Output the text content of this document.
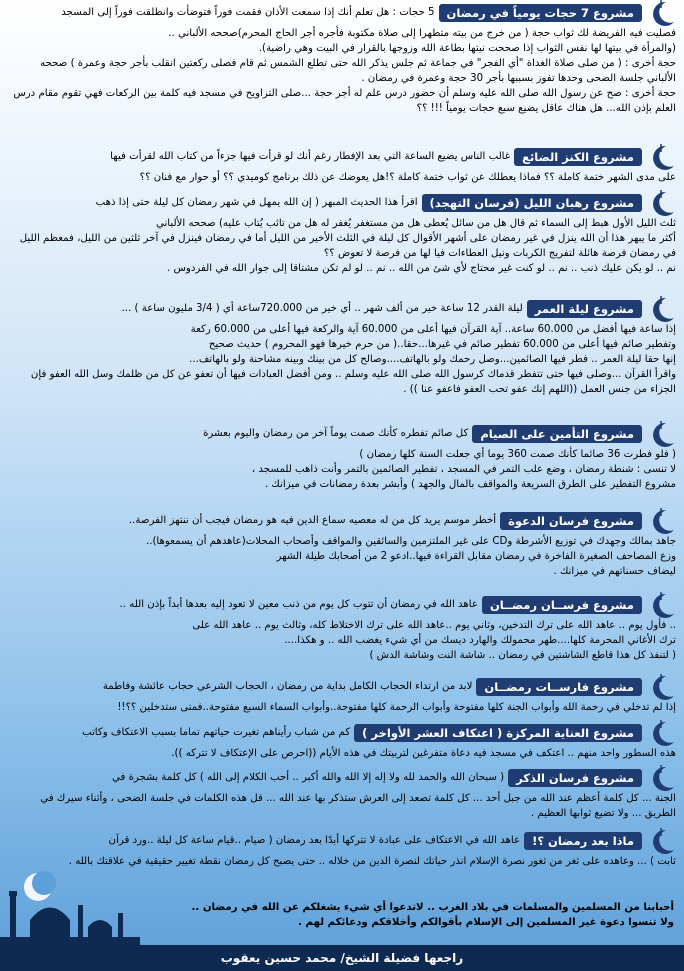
مشروع 7 حجات يومياً في رمضان
5 حجات : هل تعلم أنك إذا سمعت الأذان فقمت فوراً فتوضأت وانطلقت فوراً إلى المسجد

فصليت فيه الفريضة لك ثواب حجة ( من خرج من بيته متطهرا إلى صلاة مكتوبة فأجره أجر الحاج المحرم)صححه الألباني ..

(والمرأة في بيتها لها نفس الثواب إذا صححت نيتها بطاعة الله وزوجها بالقرار في البيت وهي راضية).

حجة أخرى : ( من صلى صلاة الغداة "أي الفجر" في جماعة ثم جلس يذكر الله حتى تطلع الشمس ثم قام فصلى ركعتين انقلب بأجر حجة وعمرة ) صححه الألباني جلسة الضحى وحدها تفوز بسببها بأجر 30 حجة وعمرة في رمضان .

حجة أخرى : صح عن رسول الله صلى الله عليه وسلم أن حضور درس علم له أجر حجة ...صلى التراويح في مسجد فيه كلمة بين الركعات فهي تقوم مقام درس العلم بإذن الله... هل هناك عاقل يضيع سبع حجات يومياً !!! ؟؟

مشروع الكنز الضائع
غالب الناس يضيع الساعة التي بعد الإفطار رغم أنك لو قرأت فيها جزءاً من كتاب الله لقرأت فيها

على مدى الشهر ختمة كاملة ؟؟ فماذا يعطلك عن ثواب ختمة كاملة ؟!هل يعوضك عن ذلك برنامج كوميدي ؟؟ أو حوار مع فنان ؟؟

مشروع رهبان الليل (فرسان التهجد)
اقرأ هذا الحديث المبهر ( إن الله يمهل في شهر رمضان كل ليلة حتى إذا ذهب

ثلث الليل الأول هبط إلى السماء ثم قال هل من سائل يُعطى هل من مستغفر يُغفر له هل من تائب يُتاب عليه) صححه الألباني

أكثر ما يبهر هذا أن الله ينزل في غير رمضان على أشهر الأقوال كل ليلة في الثلث الأخير من الليل أما في رمضان فينزل في آخر ثلثين من الليل، فمعظم الليل في رمضان فرصة هائلة لتفريج الكربات ونيل العطاءات فيا لها من فرصة لا تعوض ؟؟

نم .. لو يكن عليك ذنب .. نم .. لو كنت غير محتاج لأي شئ من الله .. نم .. لو لم تكن مشتاقا إلى جوار الله في الفردوس .

مشروع ليلة العمر
ليلة القدر 12 ساعة خير من ألف شهر .. أي خير من 720.000ساعة أي ( 3/4 مليون ساعة ) ...

إذا ساعة فيها أفضل من 60.000 ساعة.. آية القرآن فيها أعلى من 60.000 آية والركعة فيها أعلى من 60.000 ركعة

وتفطير صائم فيها أعلى من 60.000 تفطير صائم في غيرها...حقا..( من حرم خيرها فهو المحروم ) حديث صحيح

إنها حقا ليلة العمر .. فطر فيها الصائمين...وصل رحمك ولو بالهاتف....وصالح كل من بينك وبينه مشاحنة ولو بالهاتف...

واقرأ القرآن ...وصلى فيها حتى تتفطر قدماك كرسول الله صلى الله عليه وسلم .. ومن أفضل العبادات فيها أن تعفو عن كل من ظلمك وسل الله العفو فإن الجزاء من جنس العمل ((اللهم إنك عفو تحب العفو فاعفو عنا )) .

مشروع التأمين على الصيام
كل صائم تفطره كأنك صمت يوماً آخر من رمضان واليوم بعشرة

( فلو فطرت 36 صائما كأنك صمت 360 يوما أي جعلت السنة كلها رمضان )

لا تنسى : شنطة رمضان ، وضع علب التمر في المسجد ، تفطير الصائمين بالتمر وأنت ذاهب للمسجد ،

مشروع التفطير على الطرق السريعة والمواقف بالمال والجهد ) وأبشر بعدة رمضانات في ميزانك .

مشروع فرسان الدعوة
أخطر موسم يريد كل من له معصيه سماع الدين فيه هو رمضان فيجب أن ننتهز الفرصة..

جاهد بمالك وجهدك في توزيع الأشرطة وCD على غير الملتزمين والسائقين والمواقف وأصحاب المحلات(عاهدهم أن يسمعوها)..

وزع المصاحف الصغيرة الفاخرة في رمضان مقابل القراءة فيها..ادعو 2 من أصحابك طيلة الشهر

ليضاف حسناتهم في ميزانك .

مشروع فرســان رمضــان
عاهد الله في رمضان أن تتوب كل يوم من ذنب معين لا تعود إليه بعدها أبداً بإذن الله ..

.. فأول يوم .. عاهد الله على ترك التدخين، وثاني يوم ..عاهد الله على ترك الاختلاط كله، وثالث يوم .. عاهد الله على

ترك الأغاني المحرمة كلها....طهر محمولك والهارد ديسك من أي شيء يغضب الله .. و هكذا....

( لتنفذ كل هذا قاطع الشاشتين في رمضان .. شاشة النت وشاشة الدش )

مشروع فارســات رمضــان
لابد من ارتداء الحجاب الكامل بداية من رمضان ، الحجاب الشرعي حجاب عائشة وفاطمة

إذا لم تدخلي في رحمة الله وأبواب الجنة كلها مفتوحة وأبواب الرحمة كلها مفتوحة..وأبواب السماء السبع مفتوحة..فمتى ستدخلين ؟؟!!

مشروع العناية المركزة ( اعتكاف العشر الأواخر )
كم من شباب رأيناهم تغيرت حياتهم تماما بسبب الاعتكاف وكاتب

هذه السطور واحد منهم .. اعتكف في مسجد فيه دعاة متفرغين لتربيتك في هذه الأيام ((احرص على الإعتكاف لا تتركه )).

مشروع فرسان الذكر
( سبحان الله والحمد لله ولا إله إلا الله والله أكبر .. أحب الكلام إلى الله ) كل كلمة بشجرة في

الجنة ... كل كلمة أعظم عند الله من جبل أحد ... كل كلمة تصعد إلى العرش ستذكر بها عند الله ... قل هذه الكلمات في جلسة الضحى ، وأثناء سيرك في الطريق ... ولا تضيع ثوابها العظيم .

ماذا بعد رمضان ؟!
عاهد الله في الاعتكاف على عبادة لا تتركها أبدًا بعد رمضان ( صيام ..قيام ساعة كل ليلة ..ورد قرآن

ثابت ) ... وعاهده على ثغر من ثغور نصرة الإسلام انذر حياتك لنصرة الدين من خلاله .. حتى يصبح كل رمضان نقطة تغيير حقيقية في علاقتك بالله .

أحبابنا من المسلمين والمسلمات في بلاد الغرب .. لاتدعوا أي شيء يشغلكم عن الله في رمضان ..

ولا تنسوا دعوة غير المسلمين إلى الإسلام بأقوالكم وأخلاقكم ودعائكم لهم .

راجعها فضيلة الشيخ/ محمد حسين يعقوب
